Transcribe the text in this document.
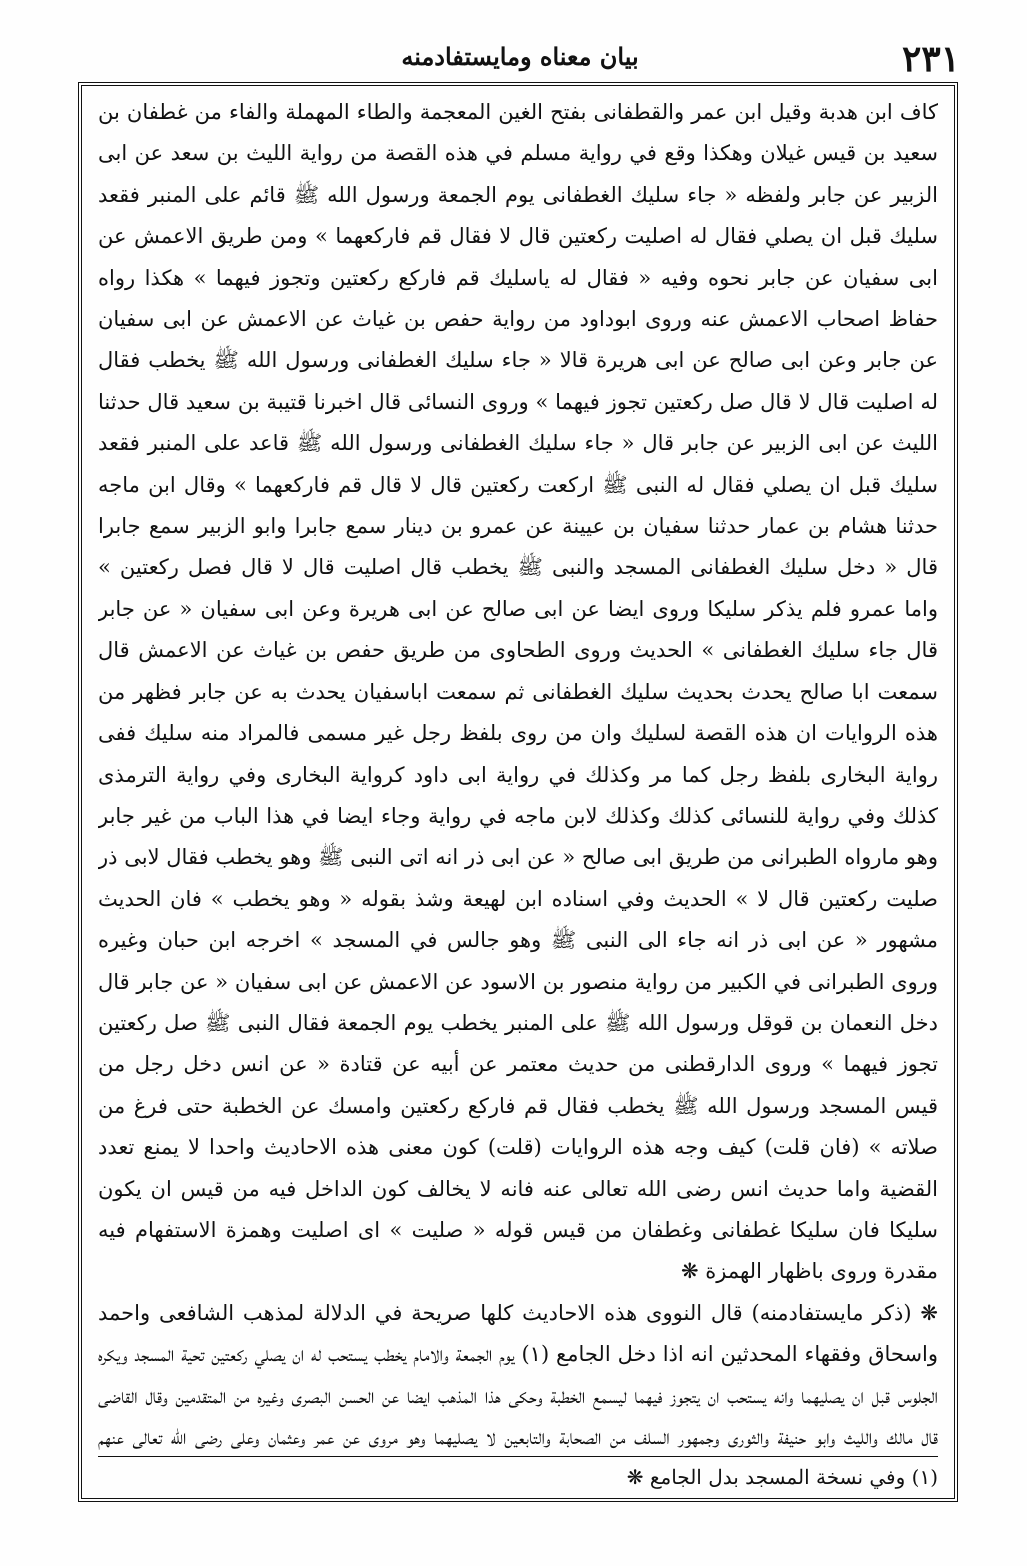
٢٣١
بيان معناه ومايستفادمنه

كاف ابن هدبة وقيل ابن عمر والقطفانى بفتح الغين المعجمة والطاء المهملة والفاء من غطفان بن سعيد بن قيس غيلان وهكذا وقع في رواية مسلم في هذه القصة من رواية الليث بن سعد عن ابى الزبير عن جابر ولفظه « جاء سليك الغطفانى يوم الجمعة ورسول الله ﷺ قائم على المنبر فقعد سليك قبل ان يصلي فقال له اصليت ركعتين قال لا فقال قم فاركعهما » ومن طريق الاعمش عن ابى سفيان عن جابر نحوه وفيه « فقال له ياسليك قم فاركع ركعتين وتجوز فيهما » هكذا رواه حفاظ اصحاب الاعمش عنه وروى ابوداود من رواية حفص بن غياث عن الاعمش عن ابى سفيان عن جابر وعن ابى صالح عن ابى هريرة قالا « جاء سليك الغطفانى ورسول الله ﷺ يخطب فقال له اصليت قال لا قال صل ركعتين تجوز فيهما » وروى النسائى قال اخبرنا قتيبة بن سعيد قال حدثنا الليث عن ابى الزبير عن جابر قال « جاء سليك الغطفانى ورسول الله ﷺ قاعد على المنبر فقعد سليك قبل ان يصلي فقال له النبى ﷺ اركعت ركعتين قال لا قال قم فاركعهما » وقال ابن ماجه حدثنا هشام بن عمار حدثنا سفيان بن عيينة عن عمرو بن دينار سمع جابرا وابو الزبير سمع جابرا قال « دخل سليك الغطفانى المسجد والنبى ﷺ يخطب قال اصليت قال لا قال فصل ركعتين » واما عمرو فلم يذكر سليكا وروى ايضا عن ابى صالح عن ابى هريرة وعن ابى سفيان « عن جابر قال جاء سليك الغطفانى » الحديث وروى الطحاوى من طريق حفص بن غياث عن الاعمش قال سمعت ابا صالح يحدث بحديث سليك الغطفانى ثم سمعت اباسفيان يحدث به عن جابر فظهر من هذه الروايات ان هذه القصة لسليك وان من روى بلفظ رجل غير مسمى فالمراد منه سليك ففى رواية البخارى بلفظ رجل كما مر وكذلك في رواية ابى داود كرواية البخارى وفي رواية الترمذى كذلك وفي رواية للنسائى كذلك وكذلك لابن ماجه في رواية وجاء ايضا في هذا الباب من غير جابر وهو مارواه الطبرانى من طريق ابى صالح « عن ابى ذر انه اتى النبى ﷺ وهو يخطب فقال لابى ذر صليت ركعتين قال لا » الحديث وفي اسناده ابن لهيعة وشذ بقوله « وهو يخطب » فان الحديث مشهور « عن ابى ذر انه جاء الى النبى ﷺ وهو جالس في المسجد » اخرجه ابن حبان وغيره وروى الطبرانى في الكبير من رواية منصور بن الاسود عن الاعمش عن ابى سفيان « عن جابر قال دخل النعمان بن قوقل ورسول الله ﷺ على المنبر يخطب يوم الجمعة فقال النبى ﷺ صل ركعتين تجوز فيهما » وروى الدارقطنى من حديث معتمر عن أبيه عن قتادة « عن انس دخل رجل من قيس المسجد ورسول الله ﷺ يخطب فقال قم فاركع ركعتين وامسك عن الخطبة حتى فرغ من صلاته » (فان قلت) كيف وجه هذه الروايات (قلت) كون معنى هذه الاحاديث واحدا لا يمنع تعدد القضية واما حديث انس رضى الله تعالى عنه فانه لا يخالف كون الداخل فيه من قيس ان يكون سليكا فان سليكا غطفانى وغطفان من قيس قوله « صليت » اى اصليت وهمزة الاستفهام فيه مقدرة وروى باظهار الهمزة ❋

❋ (ذكر مايستفادمنه) قال النووى هذه الاحاديث كلها صريحة في الدلالة لمذهب الشافعى واحمد واسحاق وفقهاء المحدثين انه اذا دخل الجامع (١) يوم الجمعة والامام يخطب يستحب له ان يصلي ركعتين تحية المسجد ويكره الجلوس قبل ان يصليهما وانه يستحب ان يتجوز فيهما ليسمع الخطبة وحكى هذا المذهب ايضا عن الحسن البصرى وغيره من المتقدمين وقال القاضى قال مالك والليث وابو حنيفة والثورى وجمهور السلف من الصحابة والتابعين لا يصليهما وهو مروى عن عمر وعثمان وعلى رضى الله تعالى عنهم

(١) وفي نسخة المسجد بدل الجامع ❋
